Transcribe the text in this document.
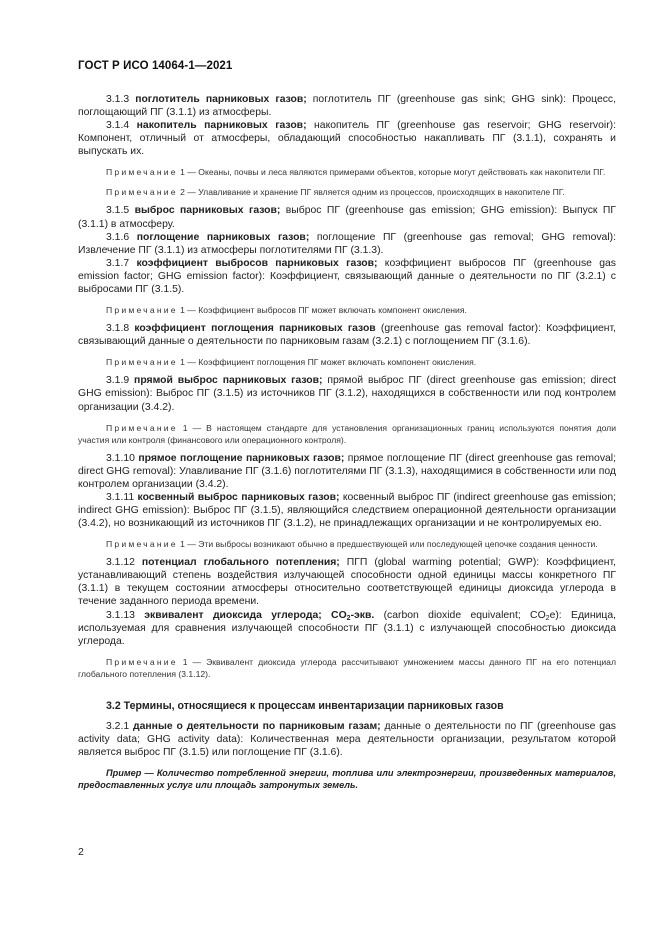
ГОСТ Р ИСО 14064-1—2021

3.1.3 поглотитель парниковых газов; поглотитель ПГ (greenhouse gas sink; GHG sink): Процесс, поглощающий ПГ (3.1.1) из атмосферы.

3.1.4 накопитель парниковых газов; накопитель ПГ (greenhouse gas reservoir; GHG reservoir): Компонент, отличный от атмосферы, обладающий способностью накапливать ПГ (3.1.1), сохранять и выпускать их.

Примечание 1 — Океаны, почвы и леса являются примерами объектов, которые могут действовать как накопители ПГ.

Примечание 2 — Улавливание и хранение ПГ является одним из процессов, происходящих в накопителе ПГ.

3.1.5 выброс парниковых газов; выброс ПГ (greenhouse gas emission; GHG emission): Выпуск ПГ (3.1.1) в атмосферу.

3.1.6 поглощение парниковых газов; поглощение ПГ (greenhouse gas removal; GHG removal): Извлечение ПГ (3.1.1) из атмосферы поглотителями ПГ (3.1.3).

3.1.7 коэффициент выбросов парниковых газов; коэффициент выбросов ПГ (greenhouse gas emission factor; GHG emission factor): Коэффициент, связывающий данные о деятельности по ПГ (3.2.1) с выбросами ПГ (3.1.5).

Примечание 1 — Коэффициент выбросов ПГ может включать компонент окисления.

3.1.8 коэффициент поглощения парниковых газов (greenhouse gas removal factor): Коэффициент, связывающий данные о деятельности по парниковым газам (3.2.1) с поглощением ПГ (3.1.6).

Примечание 1 — Коэффициент поглощения ПГ может включать компонент окисления.

3.1.9 прямой выброс парниковых газов; прямой выброс ПГ (direct greenhouse gas emission; direct GHG emission): Выброс ПГ (3.1.5) из источников ПГ (3.1.2), находящихся в собственности или под контролем организации (3.4.2).

Примечание 1 — В настоящем стандарте для установления организационных границ используются понятия доли участия или контроля (финансового или операционного контроля).

3.1.10 прямое поглощение парниковых газов; прямое поглощение ПГ (direct greenhouse gas removal; direct GHG removal): Улавливание ПГ (3.1.6) поглотителями ПГ (3.1.3), находящимися в собственности или под контролем организации (3.4.2).

3.1.11 косвенный выброс парниковых газов; косвенный выброс ПГ (indirect greenhouse gas emission; indirect GHG emission): Выброс ПГ (3.1.5), являющийся следствием операционной деятельности организации (3.4.2), но возникающий из источников ПГ (3.1.2), не принадлежащих организации и не контролируемых ею.

Примечание 1 — Эти выбросы возникают обычно в предшествующей или последующей цепочке создания ценности.

3.1.12 потенциал глобального потепления; ПГП (global warming potential; GWP): Коэффициент, устанавливающий степень воздействия излучающей способности одной единицы массы конкретного ПГ (3.1.1) в текущем состоянии атмосферы относительно соответствующей единицы диоксида углерода в течение заданного периода времени.

3.1.13 эквивалент диоксида углерода; $CO_2$-экв. (carbon dioxide equivalent; $CO_2e$): Единица, используемая для сравнения излучающей способности ПГ (3.1.1) с излучающей способностью диоксида углерода.

Примечание 1 — Эквивалент диоксида углерода рассчитывают умножением массы данного ПГ на его потенциал глобального потепления (3.1.12).

3.2 Термины, относящиеся к процессам инвентаризации парниковых газов

3.2.1 данные о деятельности по парниковым газам; данные о деятельности по ПГ (greenhouse gas activity data; GHG activity data): Количественная мера деятельности организации, результатом которой является выброс ПГ (3.1.5) или поглощение ПГ (3.1.6).

Пример — Количество потребленной энергии, топлива или электроэнергии, произведенных материалов, предоставленных услуг или площадь затронутых земель.

2
